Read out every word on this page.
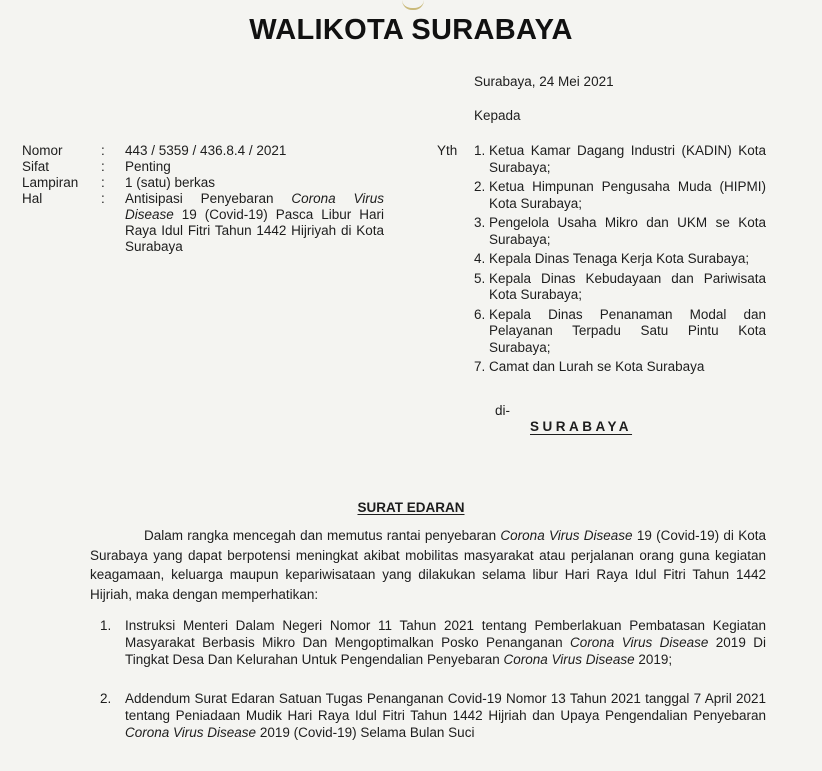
WALIKOTA SURABAYA
Surabaya, 24 Mei 2021
Kepada
Nomor	:	443 / 5359 / 436.8.4 / 2021
Sifat	:	Penting
Lampiran	:	1 (satu) berkas
Hal	:	Antisipasi Penyebaran Corona Virus Disease 19 (Covid-19) Pasca Libur Hari Raya Idul Fitri Tahun 1442 Hijriyah di Kota Surabaya
Yth 1. Ketua Kamar Dagang Industri (KADIN) Kota Surabaya;
2. Ketua Himpunan Pengusaha Muda (HIPMI) Kota Surabaya;
3. Pengelola Usaha Mikro dan UKM se Kota Surabaya;
4. Kepala Dinas Tenaga Kerja Kota Surabaya;
5. Kepala Dinas Kebudayaan dan Pariwisata Kota Surabaya;
6. Kepala Dinas Penanaman Modal dan Pelayanan Terpadu Satu Pintu Kota Surabaya;
7. Camat dan Lurah se Kota Surabaya
di-
SURABAYA
SURAT EDARAN
Dalam rangka mencegah dan memutus rantai penyebaran Corona Virus Disease 19 (Covid-19) di Kota Surabaya yang dapat berpotensi meningkat akibat mobilitas masyarakat atau perjalanan orang guna kegiatan keagamaan, keluarga maupun kepariwisataan yang dilakukan selama libur Hari Raya Idul Fitri Tahun 1442 Hijriah, maka dengan memperhatikan:
1.	Instruksi Menteri Dalam Negeri Nomor 11 Tahun 2021 tentang Pemberlakuan Pembatasan Kegiatan Masyarakat Berbasis Mikro Dan Mengoptimalkan Posko Penanganan Corona Virus Disease 2019 Di Tingkat Desa Dan Kelurahan Untuk Pengendalian Penyebaran Corona Virus Disease 2019;
2.	Addendum Surat Edaran Satuan Tugas Penanganan Covid-19 Nomor 13 Tahun 2021 tanggal 7 April 2021 tentang Peniadaan Mudik Hari Raya Idul Fitri Tahun 1442 Hijriah dan Upaya Pengendalian Penyebaran Corona Virus Disease 2019 (Covid-19) Selama Bulan Suci
